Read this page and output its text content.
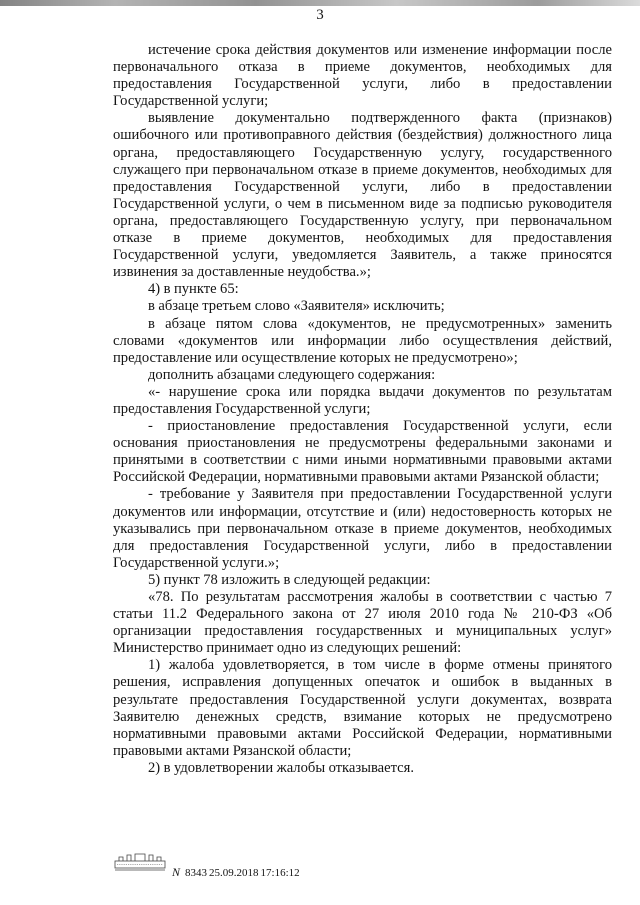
3

истечение срока действия документов или изменение информации после первоначального отказа в приеме документов, необходимых для предоставления Государственной услуги, либо в предоставлении Государственной услуги;

выявление документально подтвержденного факта (признаков) ошибочного или противоправного действия (бездействия) должностного лица органа, предоставляющего Государственную услугу, государственного служащего при первоначальном отказе в приеме документов, необходимых для предоставления Государственной услуги, либо в предоставлении Государственной услуги, о чем в письменном виде за подписью руководителя органа, предоставляющего Государственную услугу, при первоначальном отказе в приеме документов, необходимых для предоставления Государственной услуги, уведомляется Заявитель, а также приносятся извинения за доставленные неудобства.»;

4) в пункте 65:

в абзаце третьем слово «Заявителя» исключить;

в абзаце пятом слова «документов, не предусмотренных» заменить словами «документов или информации либо осуществления действий, предоставление или осуществление которых не предусмотрено»;

дополнить абзацами следующего содержания:

«- нарушение срока или порядка выдачи документов по результатам предоставления Государственной услуги;

- приостановление предоставления Государственной услуги, если основания приостановления не предусмотрены федеральными законами и принятыми в соответствии с ними иными нормативными правовыми актами Российской Федерации, нормативными правовыми актами Рязанской области;

- требование у Заявителя при предоставлении Государственной услуги документов или информации, отсутствие и (или) недостоверность которых не указывались при первоначальном отказе в приеме документов, необходимых для предоставления Государственной услуги, либо в предоставлении Государственной услуги.»;

5) пункт 78 изложить в следующей редакции:

«78. По результатам рассмотрения жалобы в соответствии с частью 7 статьи 11.2 Федерального закона от 27 июля 2010 года № 210-ФЗ «Об организации предоставления государственных и муниципальных услуг» Министерство принимает одно из следующих решений:

1) жалоба удовлетворяется, в том числе в форме отмены принятого решения, исправления допущенных опечаток и ошибок в выданных в результате предоставления Государственной услуги документах, возврата Заявителю денежных средств, взимание которых не предусмотрено нормативными правовыми актами Российской Федерации, нормативными правовыми актами Рязанской области;

2) в удовлетворении жалобы отказывается.

N 8343 25.09.2018 17:16:12
